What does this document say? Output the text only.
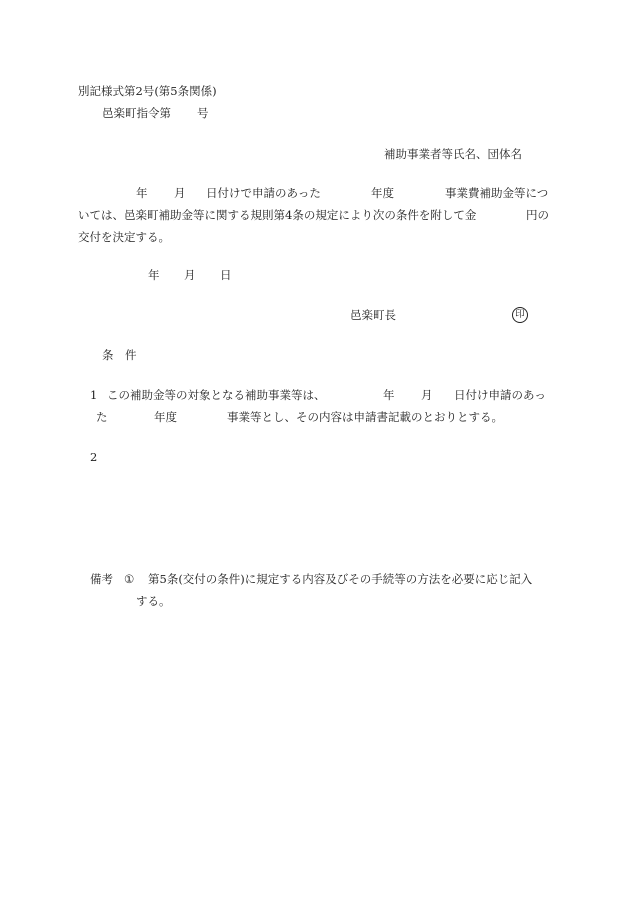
別記様式第2号(第5条関係)
邑楽町指令第 号
補助事業者等氏名、団体名
年 月 日付けで申請のあった	年度	事業費補助金等につ
いては、邑楽町補助金等に関する規則第4条の規定により次の条件を附して金	円の
交付を決定する。
年 月 日
邑楽町長	印
条　件
1 この補助金等の対象となる補助事業等は、	年 月 日付け申請のあっ
た	年度	事業等とし、その内容は申請書記載のとおりとする。
2
備考 ① 第5条(交付の条件)に規定する内容及びその手続等の方法を必要に応じ記入
する。
